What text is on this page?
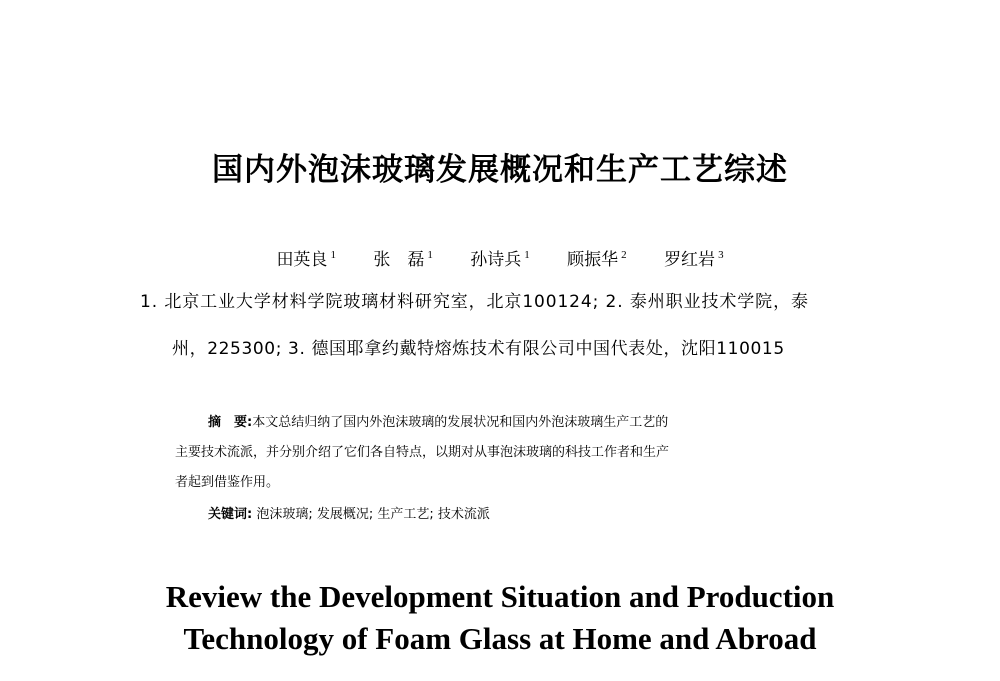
国内外泡沫玻璃发展概况和生产工艺综述
田英良 $^1$ 张　磊 $^1$ 孙诗兵 $^1$ 顾振华 $^2$ 罗红岩 $^3$

1. 北京工业大学材料学院玻璃材料研究室，北京100124; 2. 泰州职业技术学院，泰

州，225300; 3. 德国耶拿约戴特熔炼技术有限公司中国代表处，沈阳110015

摘　要:本文总结归纳了国内外泡沫玻璃的发展状况和国内外泡沫玻璃生产工艺的

主要技术流派，并分别介绍了它们各自特点，以期对从事泡沫玻璃的科技工作者和生产

者起到借鉴作用。

关键词: 泡沫玻璃; 发展概况; 生产工艺; 技术流派

Review the Development Situation and Production
Technology of Foam Glass at Home and Abroad
